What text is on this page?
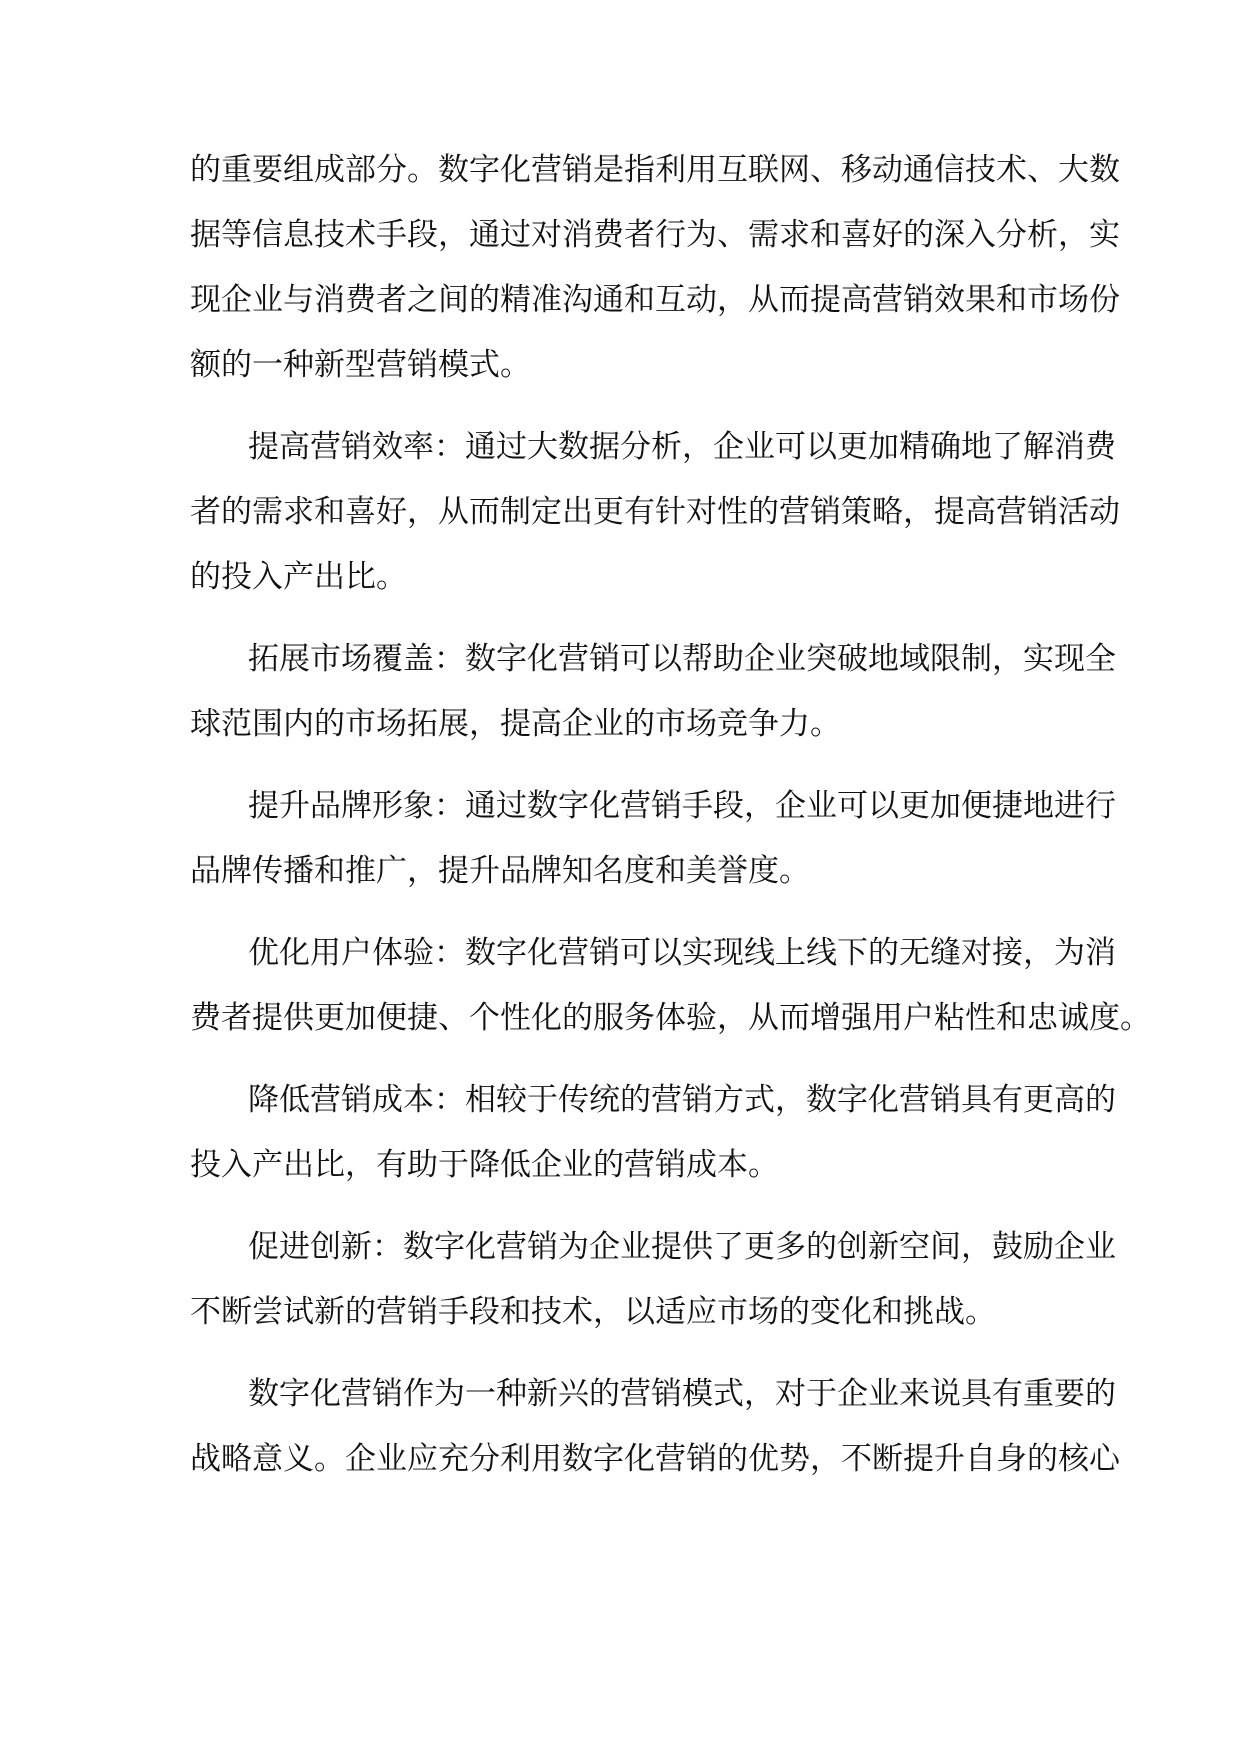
的重要组成部分。数字化营销是指利用互联网、移动通信技术、大数
据等信息技术手段，通过对消费者行为、需求和喜好的深入分析，实
现企业与消费者之间的精准沟通和互动，从而提高营销效果和市场份
额的一种新型营销模式。
提高营销效率：通过大数据分析，企业可以更加精确地了解消费
者的需求和喜好，从而制定出更有针对性的营销策略，提高营销活动
的投入产出比。
拓展市场覆盖：数字化营销可以帮助企业突破地域限制，实现全
球范围内的市场拓展，提高企业的市场竞争力。
提升品牌形象：通过数字化营销手段，企业可以更加便捷地进行
品牌传播和推广，提升品牌知名度和美誉度。
优化用户体验：数字化营销可以实现线上线下的无缝对接，为消
费者提供更加便捷、个性化的服务体验，从而增强用户粘性和忠诚度。
降低营销成本：相较于传统的营销方式，数字化营销具有更高的
投入产出比，有助于降低企业的营销成本。
促进创新：数字化营销为企业提供了更多的创新空间，鼓励企业
不断尝试新的营销手段和技术，以适应市场的变化和挑战。
数字化营销作为一种新兴的营销模式，对于企业来说具有重要的
战略意义。企业应充分利用数字化营销的优势，不断提升自身的核心
